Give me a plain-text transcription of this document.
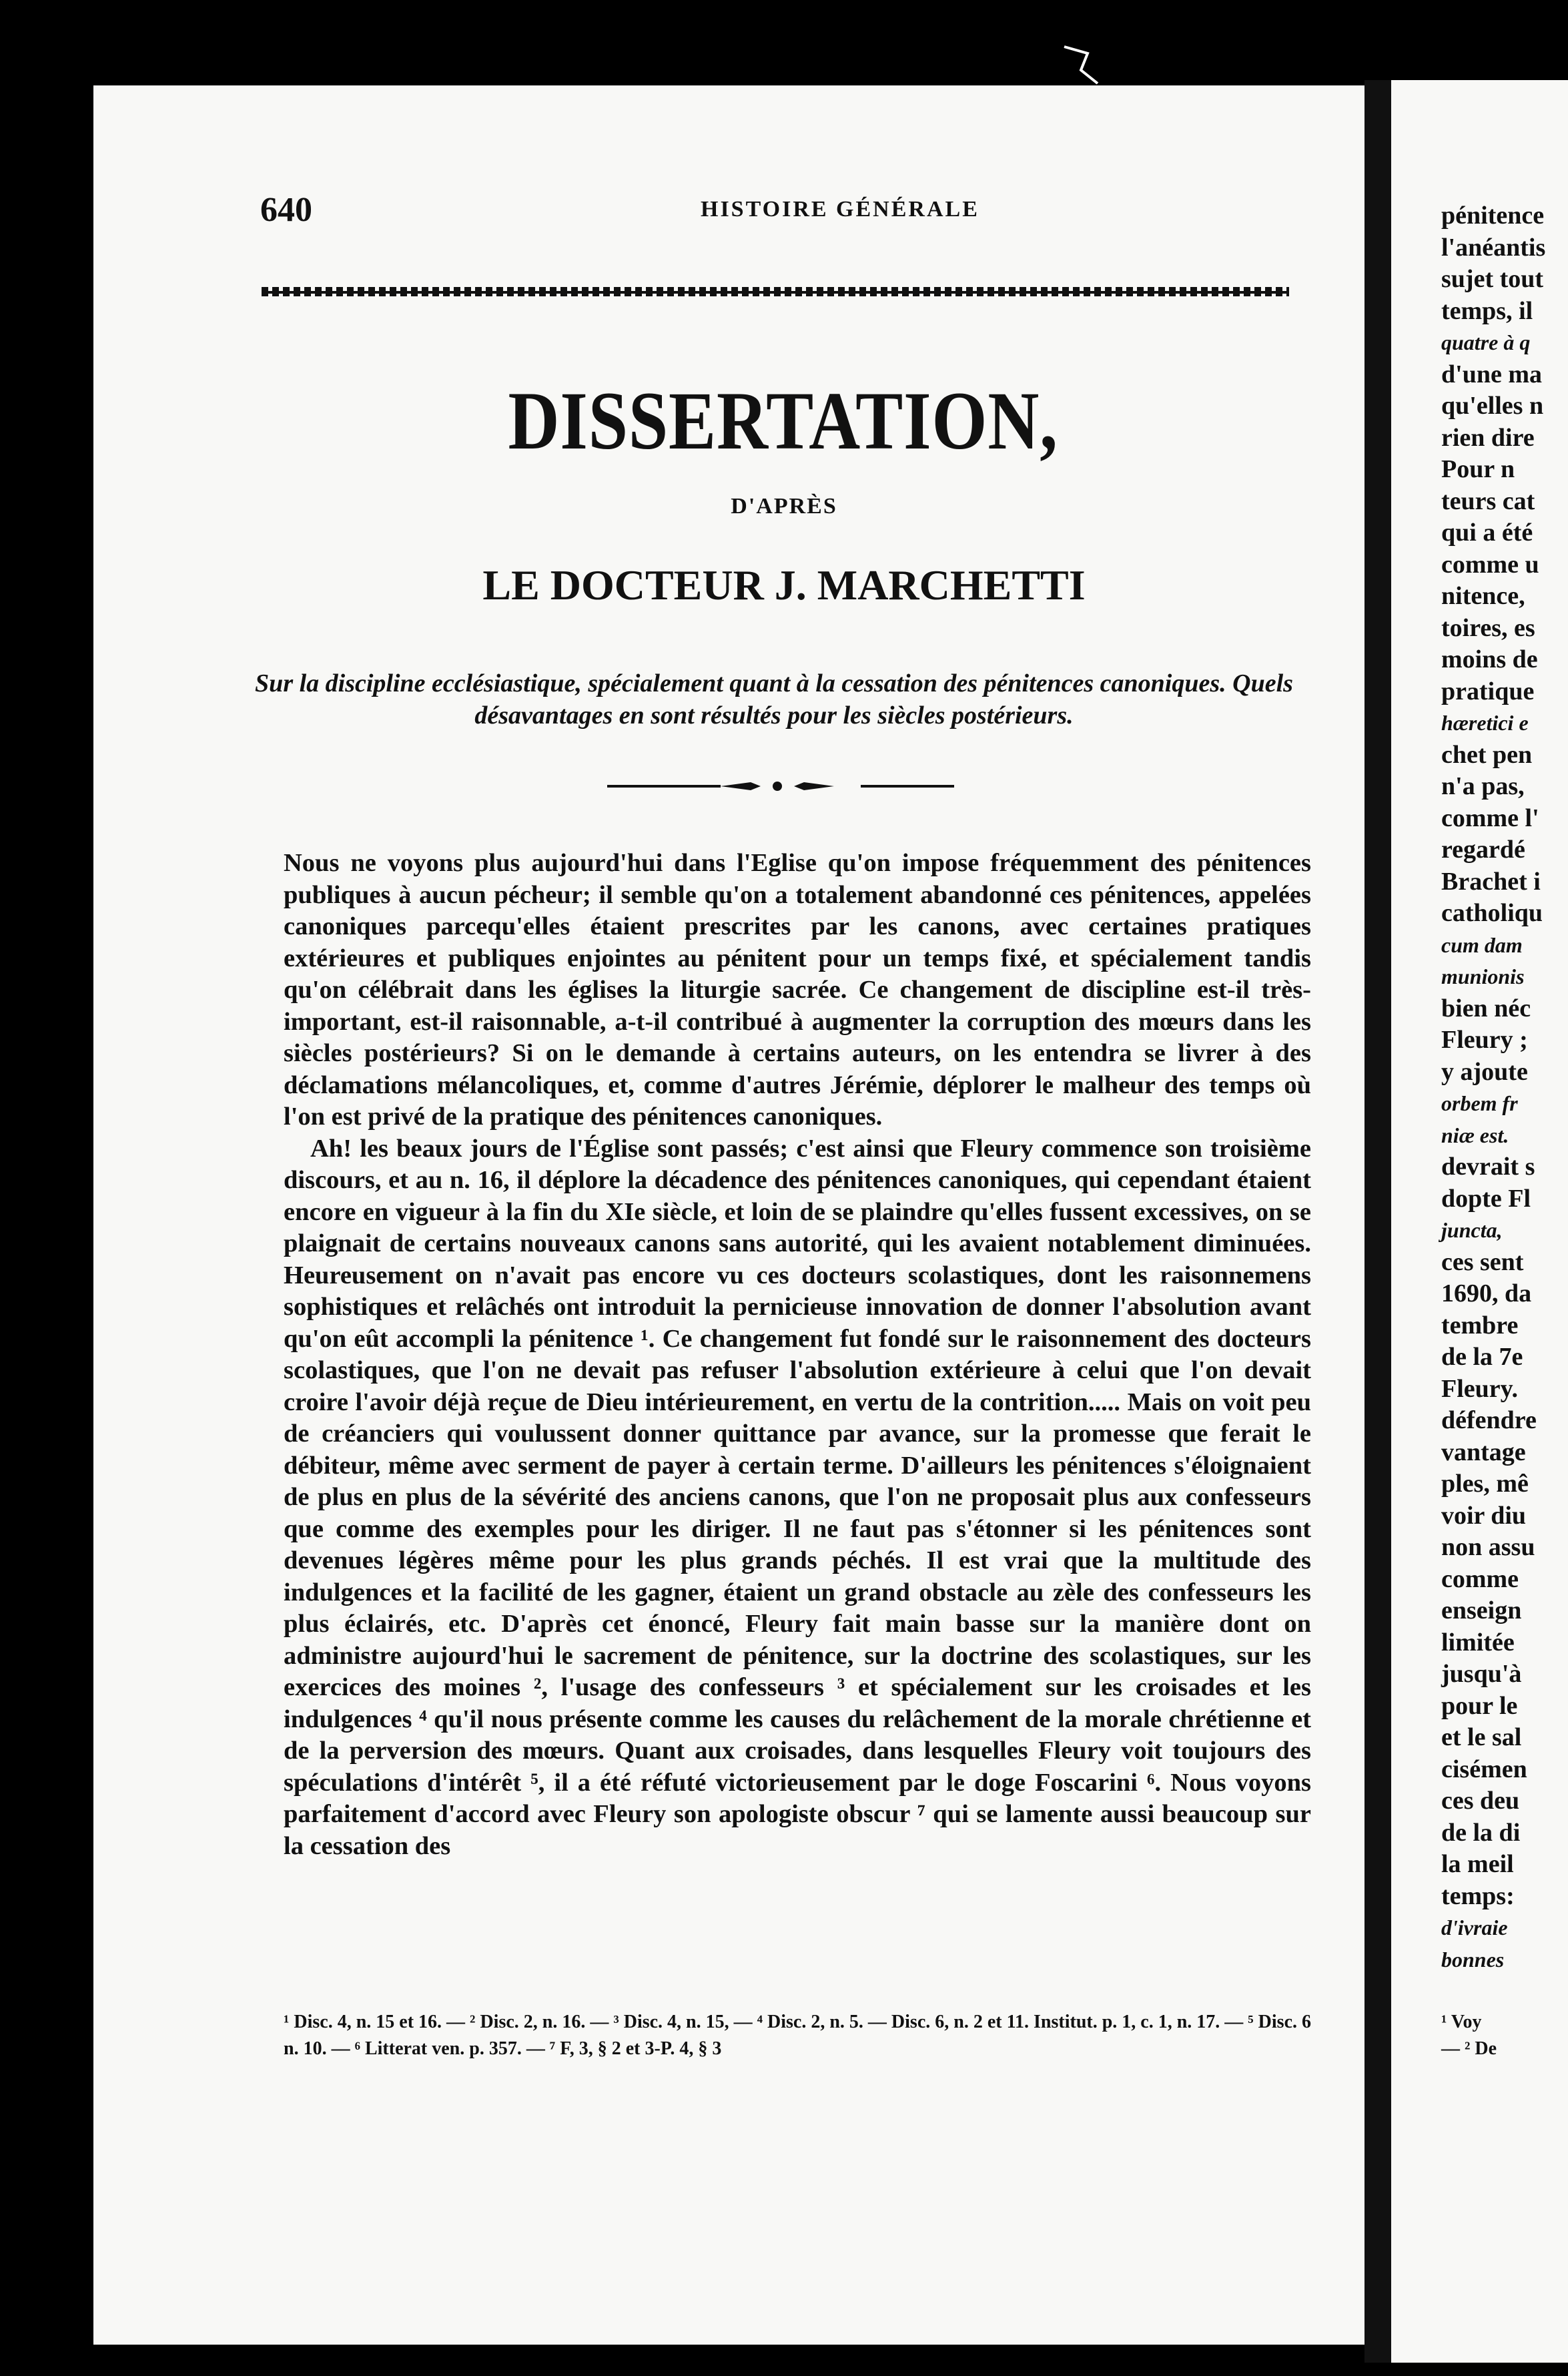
640	HISTOIRE GÉNÉRALE
DISSERTATION,
D'APRÈS
LE DOCTEUR J. MARCHETTI
Sur la discipline ecclésiastique, spécialement quant à la cessation des pénitences canoniques. Quels désavantages en sont résultés pour les siècles postérieurs.

Nous ne voyons plus aujourd'hui dans l'Eglise qu'on impose fréquemment des pénitences publiques à aucun pécheur; il semble qu'on a totalement abandonné ces pénitences, appelées canoniques parcequ'elles étaient prescrites par les canons, avec certaines pratiques extérieures et publiques enjointes au pénitent pour un temps fixé, et spécialement tandis qu'on célébrait dans les églises la liturgie sacrée. Ce changement de discipline est-il très-important, est-il raisonnable, a-t-il contribué à augmenter la corruption des mœurs dans les siècles postérieurs? Si on le demande à certains auteurs, on les entendra se livrer à des déclamations mélancoliques, et, comme d'autres Jérémie, déplorer le malheur des temps où l'on est privé de la pratique des pénitences canoniques.

Ah! les beaux jours de l'Église sont passés; c'est ainsi que Fleury commence son troisième discours, et au n. 16, il déplore la décadence des pénitences canoniques, qui cependant étaient encore en vigueur à la fin du XIe siècle, et loin de se plaindre qu'elles fussent excessives, on se plaignait de certains nouveaux canons sans autorité, qui les avaient notablement diminuées. Heureusement on n'avait pas encore vu ces docteurs scolastiques, dont les raisonnemens sophistiques et relâchés ont introduit la pernicieuse innovation de donner l'absolution avant qu'on eût accompli la pénitence ¹. Ce changement fut fondé sur le raisonnement des docteurs scolastiques, que l'on ne devait pas refuser l'absolution extérieure à celui que l'on devait croire l'avoir déjà reçue de Dieu intérieurement, en vertu de la contrition..... Mais on voit peu de créanciers qui voulussent donner quittance par avance, sur la promesse que ferait le débiteur, même avec serment de payer à certain terme. D'ailleurs les pénitences s'éloignaient de plus en plus de la sévérité des anciens canons, que l'on ne proposait plus aux confesseurs que comme des exemples pour les diriger. Il ne faut pas s'étonner si les pénitences sont devenues légères même pour les plus grands péchés. Il est vrai que la multitude des indulgences et la facilité de les gagner, étaient un grand obstacle au zèle des confesseurs les plus éclairés, etc. D'après cet énoncé, Fleury fait main basse sur la manière dont on administre aujourd'hui le sacrement de pénitence, sur la doctrine des scolastiques, sur les exercices des moines ², l'usage des confesseurs ³ et spécialement sur les croisades et les indulgences ⁴ qu'il nous présente comme les causes du relâchement de la morale chrétienne et de la perversion des mœurs. Quant aux croisades, dans lesquelles Fleury voit toujours des spéculations d'intérêt ⁵, il a été réfuté victorieusement par le doge Foscarini ⁶. Nous voyons parfaitement d'accord avec Fleury son apologiste obscur ⁷ qui se lamente aussi beaucoup sur la cessation des

¹ Disc. 4, n. 15 et 16. — ² Disc. 2, n. 16. — ³ Disc. 4, n. 15, — ⁴ Disc. 2, n. 5. — Disc. 6, n. 2 et 11. Institut. p. 1, c. 1, n. 17. — ⁵ Disc. 6 n. 10. — ⁶ Litterat ven. p. 357. — ⁷ F, 3, § 2 et 3-P. 4, § 3
pénitence
l'anéantis
sujet tout
temps, il
quatre à q
d'une ma
qu'elles n
rien dire
Pour n
teurs cat
qui a été
comme u
nitence,
toires, es
moins de
pratique
hæretici e
chet pen
n'a pas,
comme l'
regardé
Brachet i
catholiqu
cum dam
munionis
bien néc
Fleury ;
y ajoute
orbem fr
niæ est.
devrait s
dopte Fl
juncta,
ces sent
1690, da
tembre
de la 7e
Fleury.
défendre
vantage
ples, mê
voir diu
non assu
comme
enseign
limitée
jusqu'à
pour le
et le sal
cisémen
ces deu
de la di
la meil
temps:
d'ivraie
bonnes
¹ Voy
— ² De
